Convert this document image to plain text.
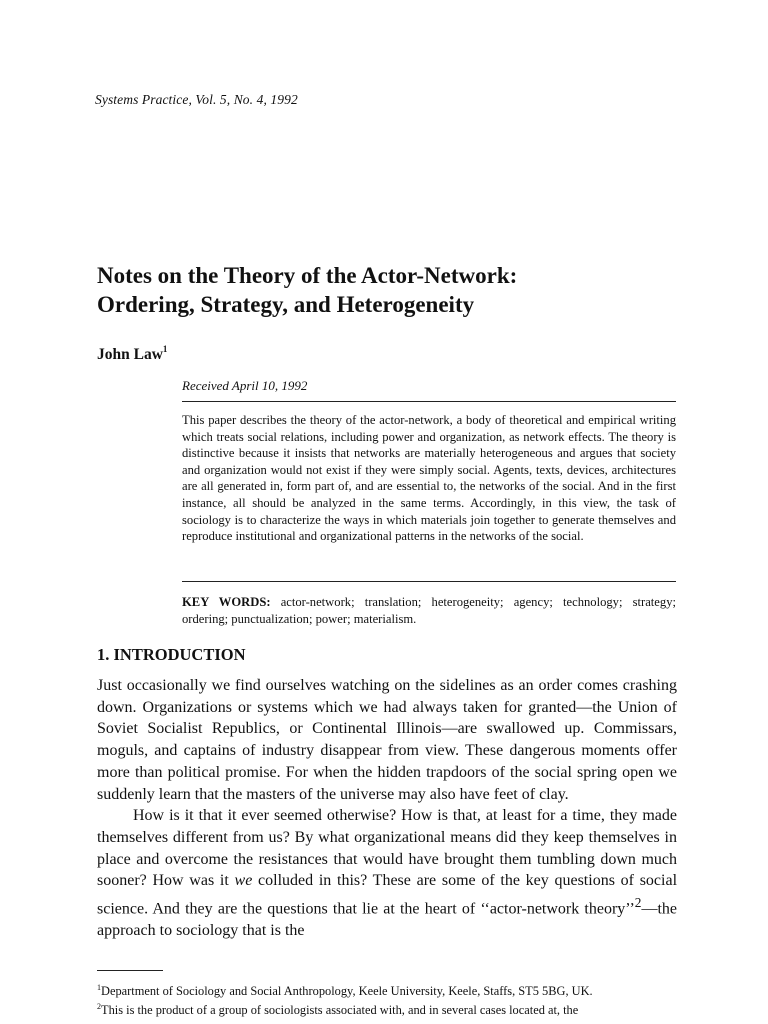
Systems Practice, Vol. 5, No. 4, 1992
Notes on the Theory of the Actor-Network:
Ordering, Strategy, and Heterogeneity
John Law$^1$
Received April 10, 1992
This paper describes the theory of the actor-network, a body of theoretical and empirical writing which treats social relations, including power and organization, as network effects. The theory is distinctive because it insists that networks are materially heterogeneous and argues that society and organization would not exist if they were simply social. Agents, texts, devices, architectures are all generated in, form part of, and are essential to, the networks of the social. And in the first instance, all should be analyzed in the same terms. Accordingly, in this view, the task of sociology is to characterize the ways in which materials join together to generate themselves and reproduce institutional and organizational patterns in the networks of the social.
KEY WORDS: actor-network; translation; heterogeneity; agency; technology; strategy; ordering; punctualization; power; materialism.
1. INTRODUCTION

Just occasionally we find ourselves watching on the sidelines as an order comes crashing down. Organizations or systems which we had always taken for granted—the Union of Soviet Socialist Republics, or Continental Illinois—are swallowed up. Commissars, moguls, and captains of industry disappear from view. These dangerous moments offer more than political promise. For when the hidden trapdoors of the social spring open we suddenly learn that the masters of the universe may also have feet of clay.

How is it that it ever seemed otherwise? How is that, at least for a time, they made themselves different from us? By what organizational means did they keep themselves in place and overcome the resistances that would have brought them tumbling down much sooner? How was it we colluded in this? These are some of the key questions of social science. And they are the questions that lie at the heart of ‘‘actor-network theory’’$^2$—the approach to sociology that is the

$^1$Department of Sociology and Social Anthropology, Keele University, Keele, Staffs, ST5 5BG, UK.

$^2$This is the product of a group of sociologists associated with, and in several cases located at, the
